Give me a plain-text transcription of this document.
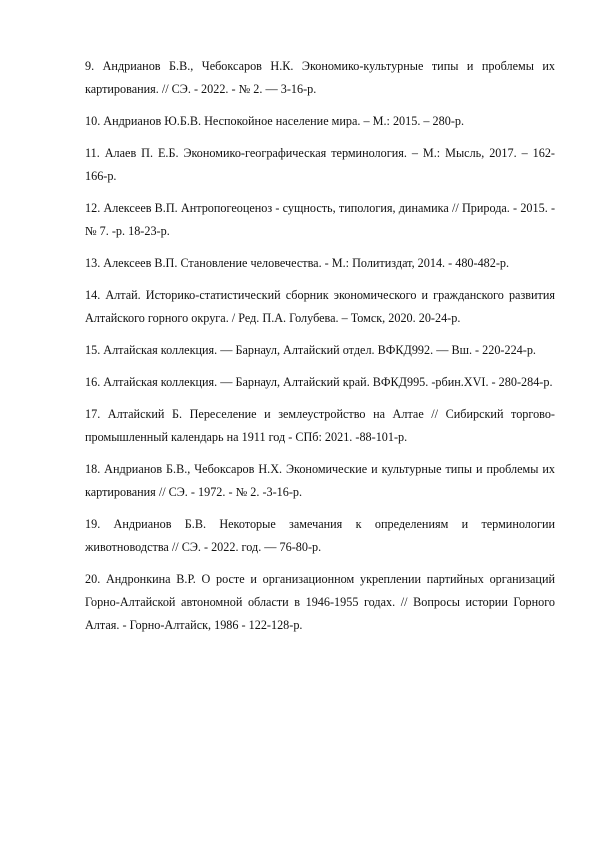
9. Андрианов Б.В., Чебоксаров Н.К. Экономико-культурные типы и проблемы их картирования. // СЭ. - 2022. - № 2. — 3-16-р.

10. Андрианов Ю.Б.В. Неспокойное население мира. – М.: 2015. – 280-р.

11. Алаев П. Е.Б. Экономико-географическая терминология. – М.: Мысль, 2017. – 162-166-р.

12. Алексеев В.П. Антропогеоценоз - сущность, типология, динамика // Природа. - 2015. - № 7. -р. 18-23-р.

13. Алексеев В.П. Становление человечества. - М.: Политиздат, 2014. - 480-482-р.

14. Алтай. Историко-статистический сборник экономического и гражданского развития Алтайского горного округа. / Ред. П.А. Голубева. – Томск, 2020. 20-24-р.

15. Алтайская коллекция. — Барнаул, Алтайский отдел. ВФКД992. — Вш. - 220-224-р.

16. Алтайская коллекция. — Барнаул, Алтайский край. ВФКД995. -рбин.XVI. - 280-284-р.

17. Алтайский Б. Переселение и землеустройство на Алтае // Сибирский торгово-промышленный календарь на 1911 год - СПб: 2021. -88-101-р.

18. Андрианов Б.В., Чебоксаров Н.Х. Экономические и культурные типы и проблемы их картирования // СЭ. - 1972. - № 2. -3-16-р.

19. Андрианов Б.В. Некоторые замечания к определениям и терминологии животноводства // СЭ. - 2022. год. — 76-80-р.

20. Андронкина В.Р. О росте и организационном укреплении партийных организаций Горно-Алтайской автономной области в 1946-1955 годах. // Вопросы истории Горного Алтая. - Горно-Алтайск, 1986 - 122-128-р.
